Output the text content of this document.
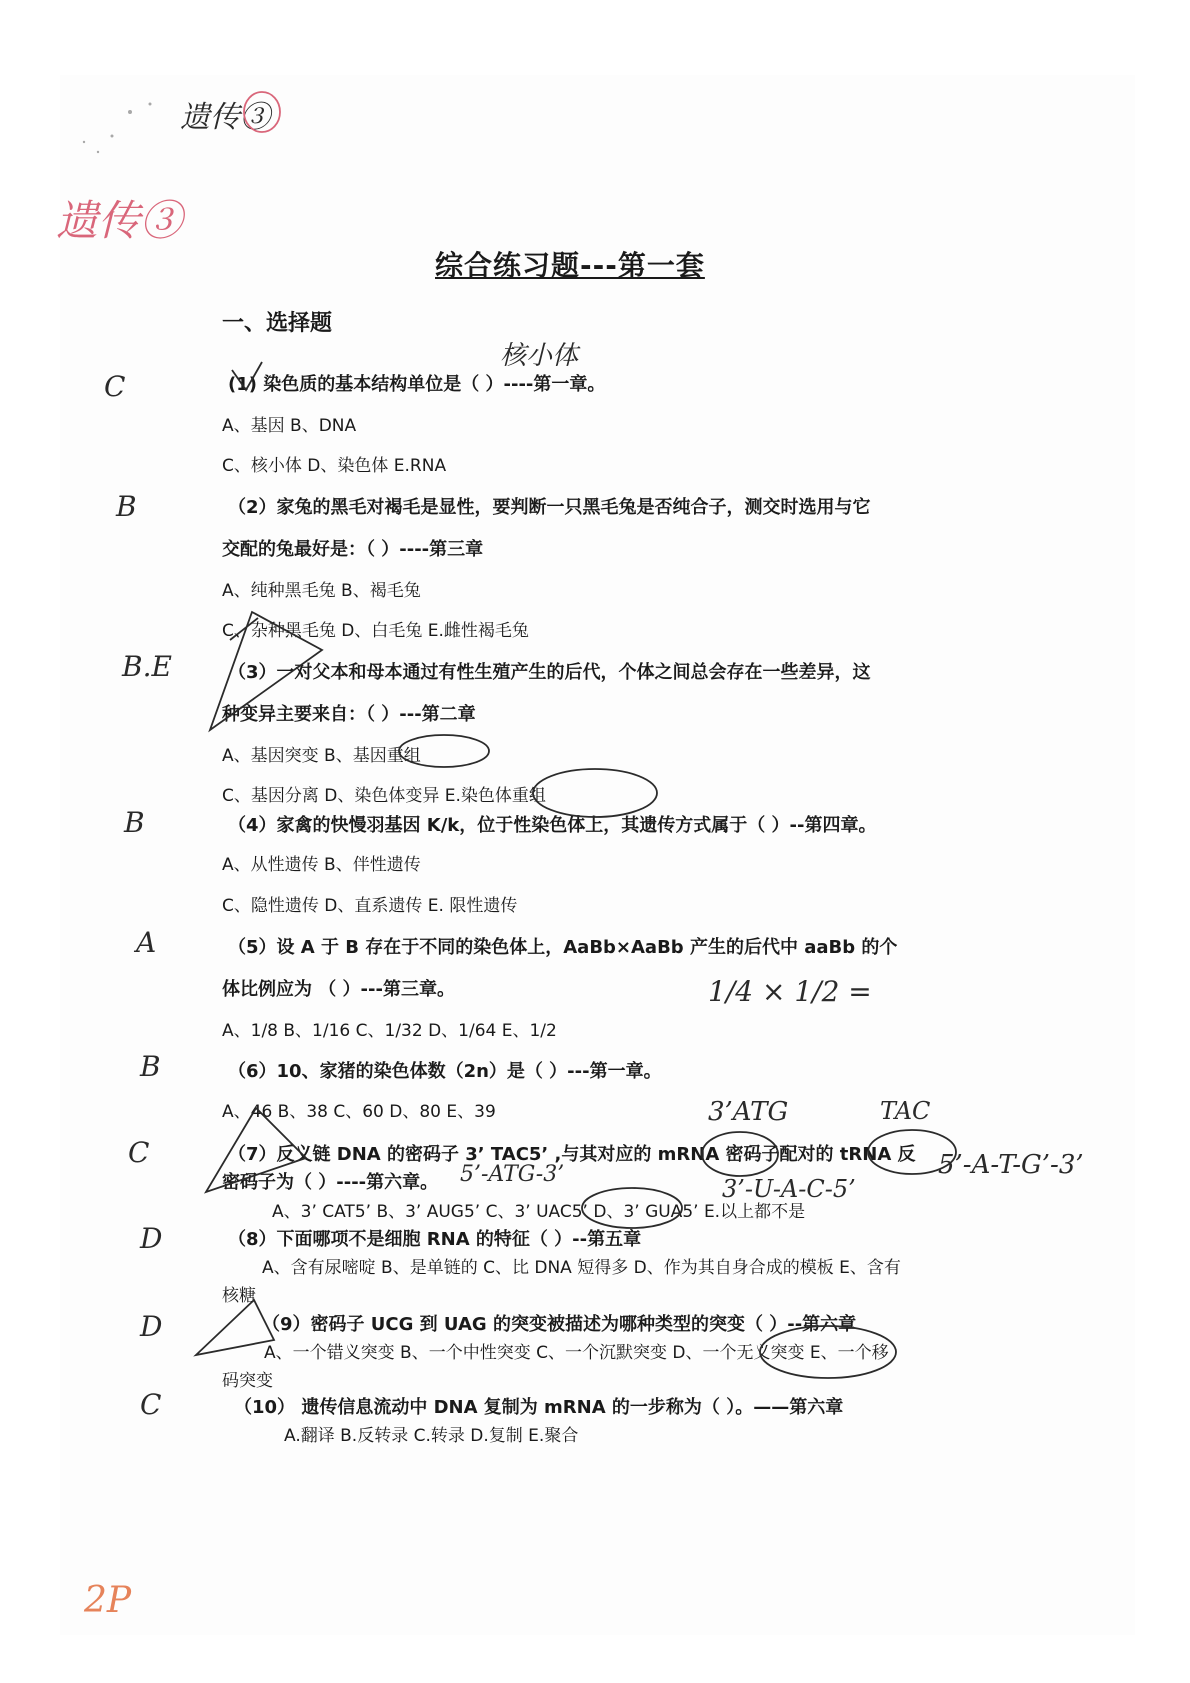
遗传③
遗传③
综合练习题---第一套
一、选择题
(1) 染色质的基本结构单位是（ ）----第一章。
A、基因 B、DNA
C、核小体 D、染色体 E.RNA
核小体
（2）家兔的黑毛对褐毛是显性，要判断一只黑毛兔是否纯合子，测交时选用与它
交配的兔最好是：（ ）----第三章
A、纯种黑毛兔 B、褐毛兔
C、杂种黑毛兔 D、白毛兔 E.雌性褐毛兔
（3）一对父本和母本通过有性生殖产生的后代，个体之间总会存在一些差异，这
种变异主要来自：（ ）---第二章
A、基因突变 B、基因重组
C、基因分离 D、染色体变异 E.染色体重组
（4）家禽的快慢羽基因 K/k，位于性染色体上，其遗传方式属于（ ）--第四章。
A、从性遗传 B、伴性遗传
C、隐性遗传 D、直系遗传 E. 限性遗传
（5）设 A 于 B 存在于不同的染色体上，AaBb×AaBb 产生的后代中 aaBb 的个
体比例应为 （ ）---第三章。
A、1/8 B、1/16 C、1/32 D、1/64 E、1/2
1/4 × 1/2 =
（6）10、家猪的染色体数（2n）是（ ）---第一章。
A、46 B、38 C、60 D、80 E、39	3’ATG	TAC
（7）反义链 DNA 的密码子 3’ TAC5’ ,与其对应的 mRNA 密码子配对的 tRNA 反
密码子为（ ）----第六章。
A、3’ CAT5’ B、3’ AUG5’ C、3’ UAC5’ D、3’ GUA5’ E.以上都不是
5’-A-T-G’-3’
5’-ATG-3’
3’-U-A-C-5’
（8）下面哪项不是细胞 RNA 的特征（ ）--第五章
A、含有尿嘧啶 B、是单链的 C、比 DNA 短得多 D、作为其自身合成的模板 E、含有
核糖
（9）密码子 UCG 到 UAG 的突变被描述为哪种类型的突变（ ）--第六章
A、一个错义突变 B、一个中性突变 C、一个沉默突变 D、一个无义突变 E、一个移
码突变
（10） 遗传信息流动中 DNA 复制为 mRNA 的一步称为（ ）。——第六章
A.翻译 B.反转录 C.转录 D.复制 E.聚合
C
B
B.E
B
A
B
C
D
D
C
2P
